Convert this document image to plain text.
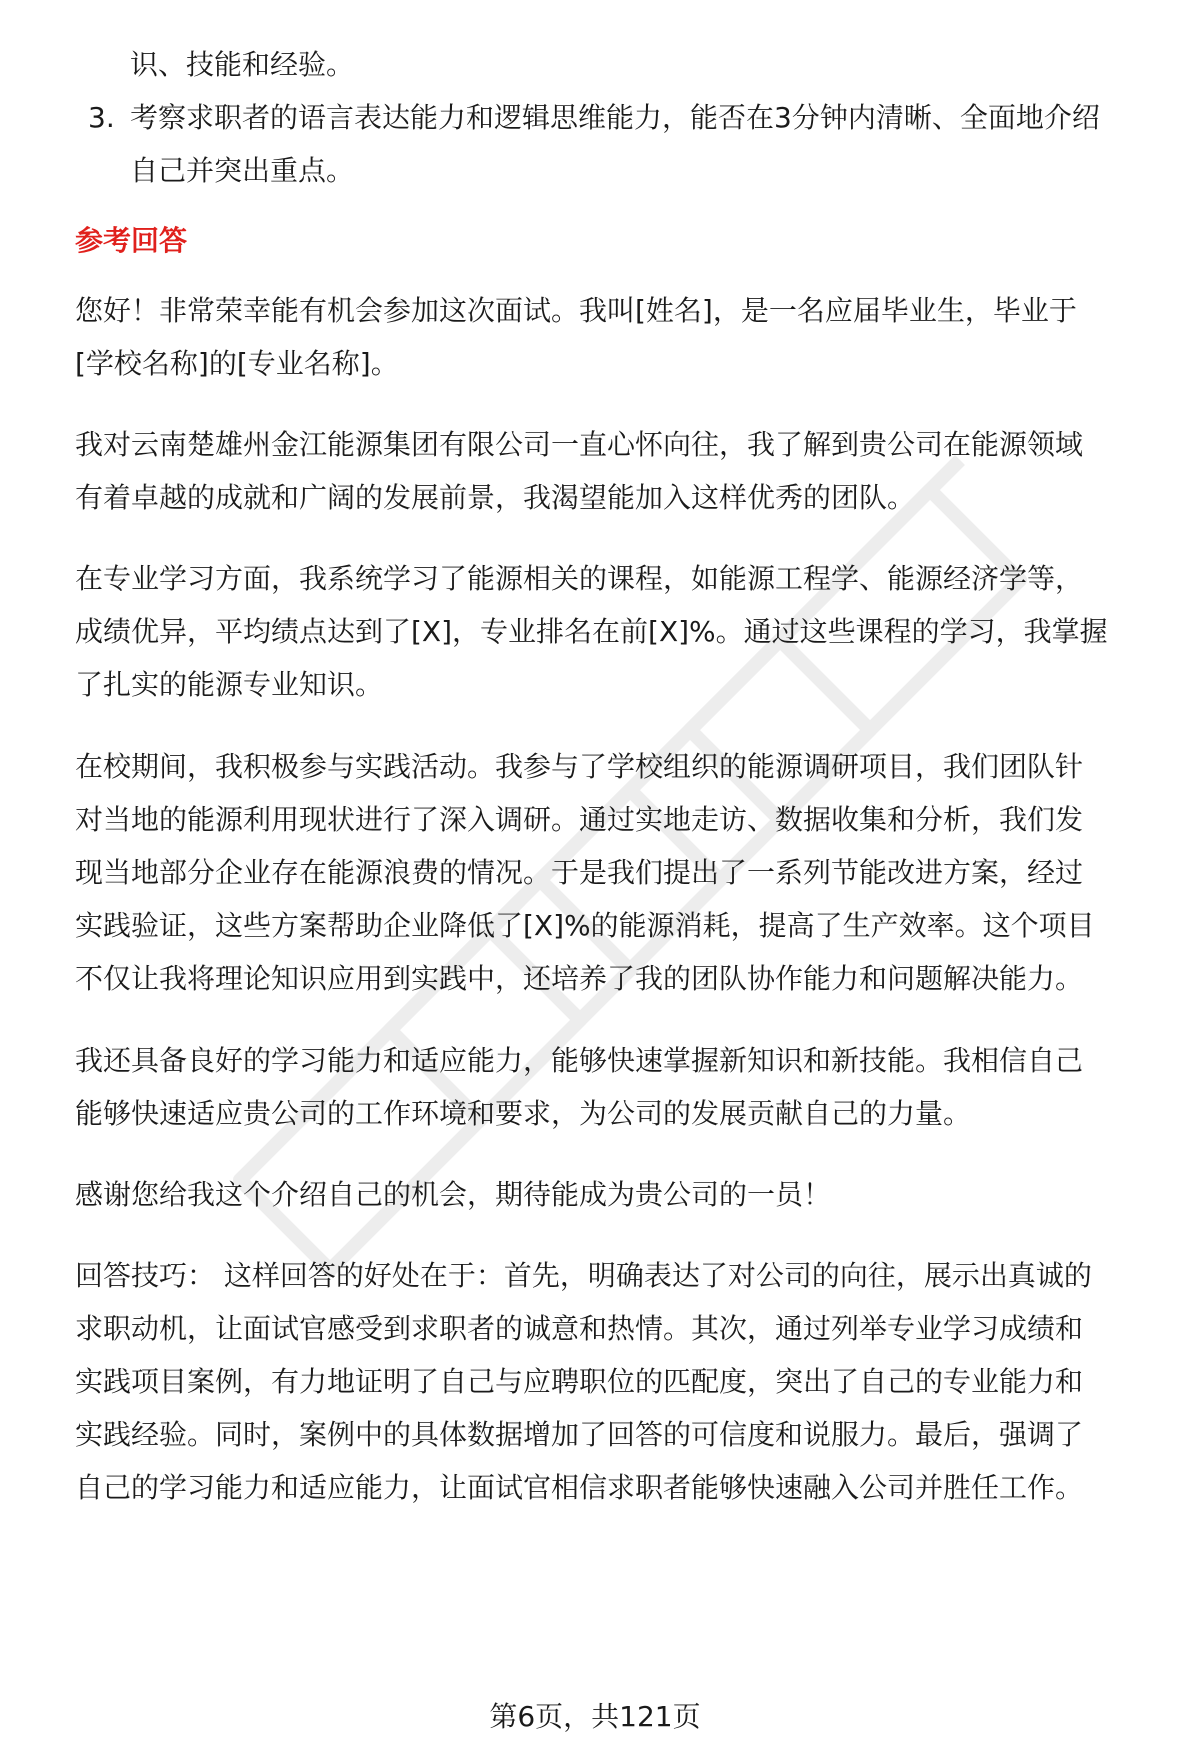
识、技能和经验。
3. 考察求职者的语言表达能力和逻辑思维能力，能否在3分钟内清晰、全面地介绍
自己并突出重点。
参考回答
您好！非常荣幸能有机会参加这次面试。我叫[姓名]，是一名应届毕业生，毕业于
[学校名称]的[专业名称]。
我对云南楚雄州金江能源集团有限公司一直心怀向往，我了解到贵公司在能源领域
有着卓越的成就和广阔的发展前景，我渴望能加入这样优秀的团队。
在专业学习方面，我系统学习了能源相关的课程，如能源工程学、能源经济学等，
成绩优异，平均绩点达到了[X]，专业排名在前[X]%。通过这些课程的学习，我掌握
了扎实的能源专业知识。
在校期间，我积极参与实践活动。我参与了学校组织的能源调研项目，我们团队针
对当地的能源利用现状进行了深入调研。通过实地走访、数据收集和分析，我们发
现当地部分企业存在能源浪费的情况。于是我们提出了一系列节能改进方案，经过
实践验证，这些方案帮助企业降低了[X]%的能源消耗，提高了生产效率。这个项目
不仅让我将理论知识应用到实践中，还培养了我的团队协作能力和问题解决能力。
我还具备良好的学习能力和适应能力，能够快速掌握新知识和新技能。我相信自己
能够快速适应贵公司的工作环境和要求，为公司的发展贡献自己的力量。
感谢您给我这个介绍自己的机会，期待能成为贵公司的一员！
回答技巧： 这样回答的好处在于：首先，明确表达了对公司的向往，展示出真诚的
求职动机，让面试官感受到求职者的诚意和热情。其次，通过列举专业学习成绩和
实践项目案例，有力地证明了自己与应聘职位的匹配度，突出了自己的专业能力和
实践经验。同时，案例中的具体数据增加了回答的可信度和说服力。最后，强调了
自己的学习能力和适应能力，让面试官相信求职者能够快速融入公司并胜任工作。
第6页，共121页
